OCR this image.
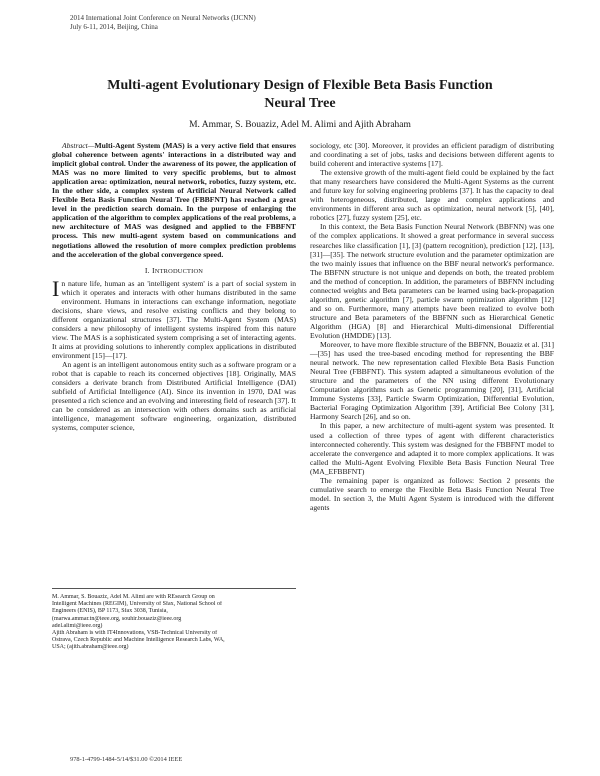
2014 International Joint Conference on Neural Networks (IJCNN)
July 6-11, 2014, Beijing, China
Multi-agent Evolutionary Design of Flexible Beta Basis Function
Neural Tree
M. Ammar, S. Bouaziz, Adel M. Alimi and Ajith Abraham

Abstract—Multi-Agent System (MAS) is a very active field that ensures global coherence between agents' interactions in a distributed way and implicit global control. Under the awareness of its power, the application of MAS was no more limited to very specific problems, but to almost application area: optimization, neural network, robotics, fuzzy system, etc. In the other side, a complex system of Artificial Neural Network called Flexible Beta Basis Function Neural Tree (FBBFNT) has reached a great level in the prediction search domain. In the purpose of enlarging the application of the algorithm to complex applications of the real problems, a new architecture of MAS was designed and applied to the FBBFNT process. This new multi-agent system based on communications and negotiations allowed the resolution of more complex prediction problems and the acceleration of the global convergence speed.

I. INTRODUCTION

In nature life, human as an 'intelligent system' is a part of social system in which it operates and interacts with other humans distributed in the same environment. Humans in interactions can exchange information, negotiate decisions, share views, and resolve existing conflicts and they belong to different organizational structures [37]. The Multi-Agent System (MAS) considers a new philosophy of intelligent systems inspired from this nature view. The MAS is a sophisticated system comprising a set of interacting agents. It aims at providing solutions to inherently complex applications in distributed environment [15]—[17].

An agent is an intelligent autonomous entity such as a software program or a robot that is capable to reach its concerned objectives [18]. Originally, MAS considers a derivate branch from Distributed Artificial Intelligence (DAI) subfield of Artificial Intelligence (AI). Since its invention in 1970, DAI was presented a rich science and an evolving and interesting field of research [37]. It can be considered as an intersection with others domains such as artificial intelligence, management software engineering, organization, distributed systems, computer science,

sociology, etc [30]. Moreover, it provides an efficient paradigm of distributing and coordinating a set of jobs, tasks and decisions between different agents to build coherent and interactive systems [17].

The extensive growth of the multi-agent field could be explained by the fact that many researchers have considered the Multi-Agent Systems as the current and future key for solving engineering problems [37]. It has the capacity to deal with heterogeneous, distributed, large and complex applications and environments in different area such as optimization, neural network [5], [40], robotics [27], fuzzy system [25], etc.

In this context, the Beta Basis Function Neural Network (BBFNN) was one of the complex applications. It showed a great performance in several success researches like classification [1], [3] (pattern recognition), prediction [12], [13], [31]—[35]. The network structure evolution and the parameter optimization are the two mainly issues that influence on the BBF neural network's performance. The BBFNN structure is not unique and depends on both, the treated problem and the method of conception. In addition, the parameters of BBFNN including connected weights and Beta parameters can be learned using back-propagation algorithm, genetic algorithm [7], particle swarm optimization algorithm [12] and so on. Furthermore, many attempts have been realized to evolve both structure and Beta parameters of the BBFNN such as Hierarchical Genetic Algorithm (HGA) [8] and Hierarchical Multi-dimensional Differential Evolution (HMDDE) [13].

Moreover, to have more flexible structure of the BBFNN, Bouaziz et al. [31]—[35] has used the tree-based encoding method for representing the BBF neural network. The new representation called Flexible Beta Basis Function Neural Tree (FBBFNT). This system adapted a simultaneous evolution of the structure and the parameters of the NN using different Evolutionary Computation algorithms such as Genetic programming [20], [31], Artificial Immune Systems [33], Particle Swarm Optimization, Differential Evolution, Bacterial Foraging Optimization Algorithm [39], Artificial Bee Colony [31], Harmony Search [26], and so on.

In this paper, a new architecture of multi-agent system was presented. It used a collection of three types of agent with different characteristics interconnected coherently. This system was designed for the FBBFNT model to accelerate the convergence and adapted it to more complex applications. It was called the Multi-Agent Evolving Flexible Beta Basis Function Neural Tree (MA_EFBBFNT)

The remaining paper is organized as follows: Section 2 presents the cumulative search to emerge the Flexible Beta Basis Function Neural Tree model. In section 3, the Multi Agent System is introduced with the different agents

M. Ammar, S. Bouaziz, Adel M. Alimi are with REsearch Group on
Intelligent Machines (REGIM), University of Sfax, National School of
Engineers (ENIS), BP 1173, Sfax 3038, Tunisia,
(marwa.ammar.tn@ieee.org, souhir.bouaziz@ieee.org
adel.alimi@ieee.org)
Ajith Abraham is with IT4Innovations, VSB-Technical University of
Ostrava, Czech Republic and Machine Intelligence Research Labs, WA,
USA; (ajith.abraham@ieee.org)
978-1-4799-1484-5/14/$31.00 ©2014 IEEE
